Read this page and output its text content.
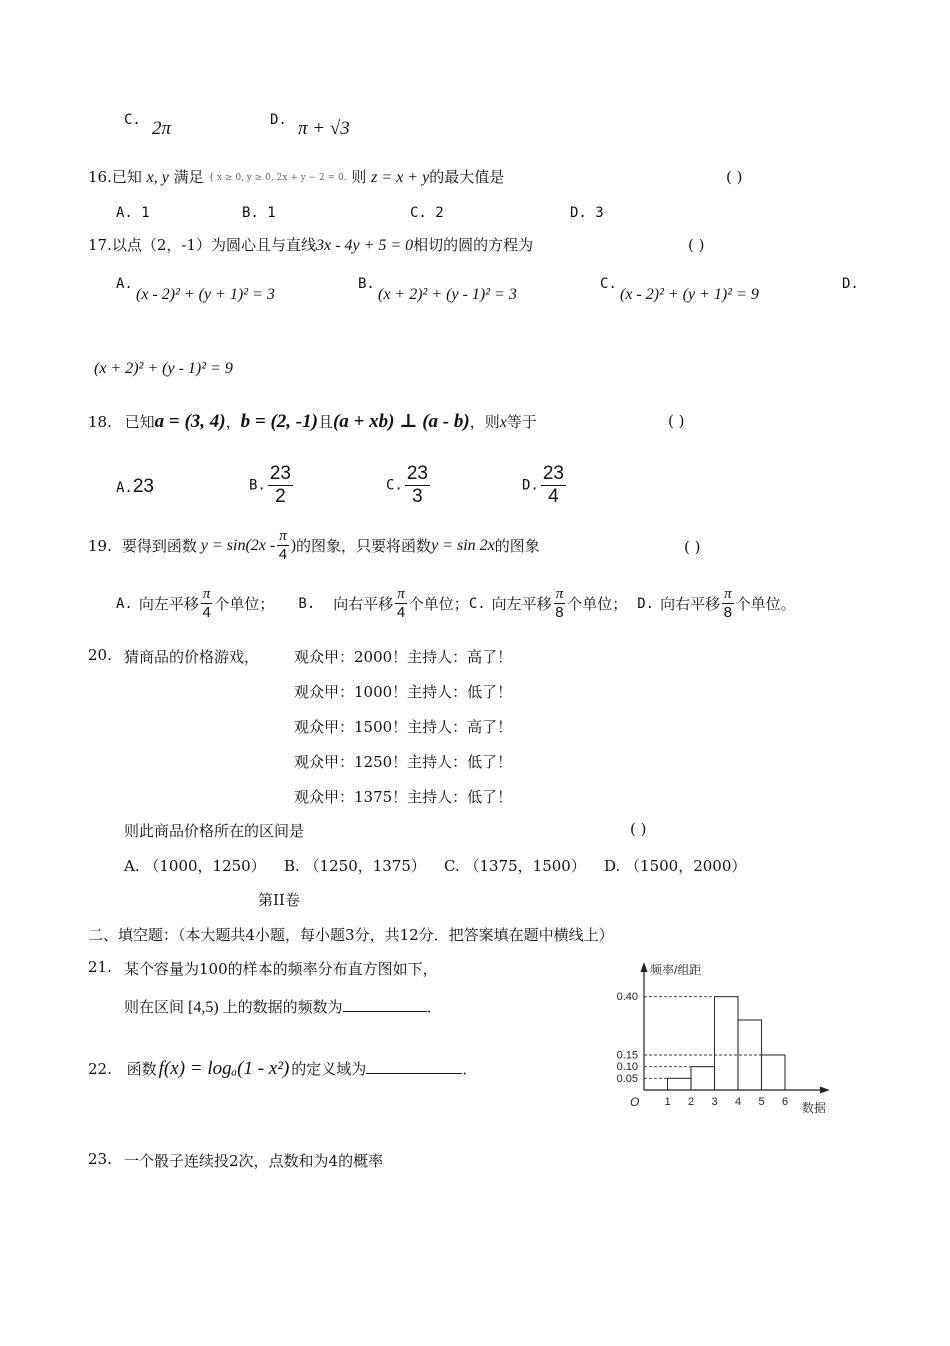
C. 2π	D. π + √3
16.已知 x, y 满足 { x ≥ 0, y ≥ 0, 2x + y − 2 = 0. 则 z = x + y的最大值是	( )
A. 1	B. 1	C. 2	D. 3
17.以点（2，-1）为圆心且与直线3x - 4y + 5 = 0相切的圆的方程为	( )
A.
(x - 2)² + (y + 1)² = 3
B.
(x + 2)² + (y - 1)² = 3
C.
(x - 2)² + (y + 1)² = 9
D.
(x + 2)² + (y - 1)² = 9
18. 已知a = (3, 4)，b = (2, -1)且(a + xb) ⊥ (a - b)，则x等于	( )
A.23	B. $\frac{23}{2}$	C. $\frac{23}{3}$	D. $\frac{23}{4}$
19. 要得到函数 $y = \sin(2x - \frac{\pi}{4}$ ) 的图象，只要将函数 y = sin 2x 的图象	( )
A. 向左平移 $\frac{\pi}{4}$ 个单位； B. 向右平移 $\frac{\pi}{4}$ 个单位； C. 向左平移 $\frac{\pi}{8}$ 个单位； D. 向右平移 $\frac{\pi}{8}$ 个单位。
20. 猜商品的价格游戏， 观众甲：2000！主持人：高了！
观众甲：1000！主持人：低了！
观众甲：1500！主持人：高了！
观众甲：1250！主持人：低了！
观众甲：1375！主持人：低了！
则此商品价格所在的区间是	( )
A. （1000，1250） B. （1250，1375） C. （1375，1500） D. （1500，2000）
第II卷
二、填空题：（本大题共4小题，每小题3分，共12分．把答案填在题中横线上）
21. 某个容量为100的样本的频率分布直方图如下，
则在区间 [4,5) 上的数据的频数为	．
22. 函数 f(x) = logₐ(1 - x²) 的定义域为	．
23. 一个骰子连续投2次，点数和为4的概率
0.40
0.15
0.10
0.05
1 2 3 4 5 6
O
频率/组距
数据
